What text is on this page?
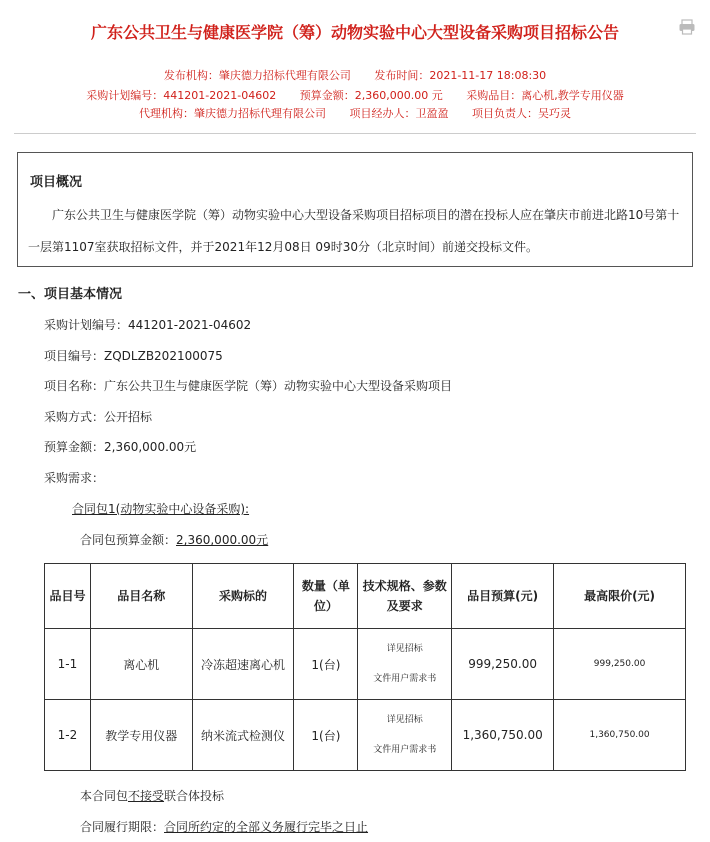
广东公共卫生与健康医学院（筹）动物实验中心大型设备采购项目招标公告
发布机构：肇庆德力招标代理有限公司 发布时间：2021-11-17 18:08:30
采购计划编号：441201-2021-04602 预算金额：2,360,000.00 元 采购品目：离心机,教学专用仪器
代理机构：肇庆德力招标代理有限公司 项目经办人：卫盈盈 项目负责人：吴巧灵
项目概况
广东公共卫生与健康医学院（筹）动物实验中心大型设备采购项目招标项目的潜在投标人应在肇庆市前进北路10号第十一层第1107室获取招标文件，并于2021年12月08日 09时30分（北京时间）前递交投标文件。
一、项目基本情况
采购计划编号：441201-2021-04602
项目编号：ZQDLZB202100075
项目名称：广东公共卫生与健康医学院（筹）动物实验中心大型设备采购项目
采购方式：公开招标
预算金额：2,360,000.00元
采购需求：
合同包1(动物实验中心设备采购):
合同包预算金额：2,360,000.00元
品目号	品目名称	采购标的	数量（单位）	技术规格、参数及要求	品目预算(元)	最高限价(元)
1-1	离心机	冷冻超速离心机	1(台)	详见招标
文件用户需求书	999,250.00	999,250.00
1-2	教学专用仪器	纳米流式检测仪	1(台)	详见招标
文件用户需求书	1,360,750.00	1,360,750.00
本合同包不接受联合体投标
合同履行期限：合同所约定的全部义务履行完毕之日止
